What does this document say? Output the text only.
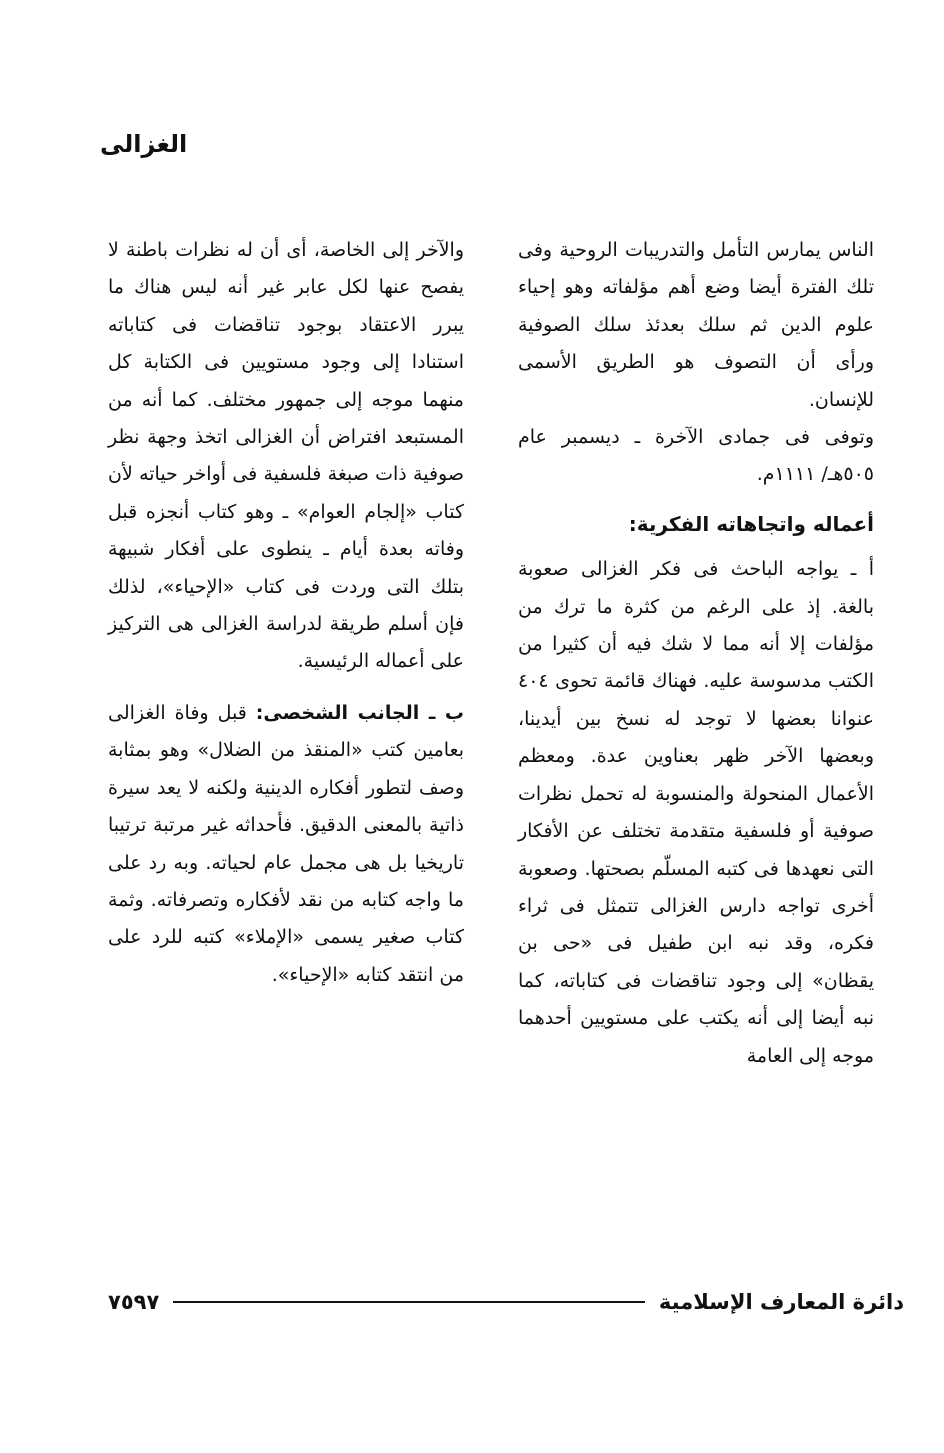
الغزالى

الناس يمارس التأمل والتدريبات الروحية وفى تلك الفترة أيضا وضع أهم مؤلفاته وهو إحياء علوم الدين ثم سلك بعدئذ سلك الصوفية ورأى أن التصوف هو الطريق الأسمى للإنسان.

وتوفى فى جمادى الآخرة ـ ديسمبر عام ٥٠٥هـ/ ١١١١م.

أعماله واتجاهاته الفكرية:

أ ـ يواجه الباحث فى فكر الغزالى صعوبة بالغة. إذ على الرغم من كثرة ما ترك من مؤلفات إلا أنه مما لا شك فيه أن كثيرا من الكتب مدسوسة عليه. فهناك قائمة تحوى ٤٠٤ عنوانا بعضها لا توجد له نسخ بين أيدينا، وبعضها الآخر ظهر بعناوين عدة. ومعظم الأعمال المنحولة والمنسوبة له تحمل نظرات صوفية أو فلسفية متقدمة تختلف عن الأفكار التى نعهدها فى كتبه المسلّم بصحتها. وصعوبة أخرى تواجه دارس الغزالى تتمثل فى ثراء فكره، وقد نبه ابن طفيل فى «حى بن يقظان» إلى وجود تناقضات فى كتاباته، كما نبه أيضا إلى أنه يكتب على مستويين أحدهما موجه إلى العامة

والآخر إلى الخاصة، أى أن له نظرات باطنة لا يفصح عنها لكل عابر غير أنه ليس هناك ما يبرر الاعتقاد بوجود تناقضات فى كتاباته استنادا إلى وجود مستويين فى الكتابة كل منهما موجه إلى جمهور مختلف. كما أنه من المستبعد افتراض أن الغزالى اتخذ وجهة نظر صوفية ذات صبغة فلسفية فى أواخر حياته لأن كتاب «إلجام العوام» ـ وهو كتاب أنجزه قبل وفاته بعدة أيام ـ ينطوى على أفكار شبيهة بتلك التى وردت فى كتاب «الإحياء»، لذلك فإن أسلم طريقة لدراسة الغزالى هى التركيز على أعماله الرئيسية.

ب ـ الجانب الشخصى: قبل وفاة الغزالى بعامين كتب «المنقذ من الضلال» وهو بمثابة وصف لتطور أفكاره الدينية ولكنه لا يعد سيرة ذاتية بالمعنى الدقيق. فأحداثه غير مرتبة ترتيبا تاريخيا بل هى مجمل عام لحياته. وبه رد على ما واجه كتابه من نقد لأفكاره وتصرفاته. وثمة كتاب صغير يسمى «الإملاء» كتبه للرد على من انتقد كتابه «الإحياء».

دائرة المعارف الإسلامية
٧٥٩٧
